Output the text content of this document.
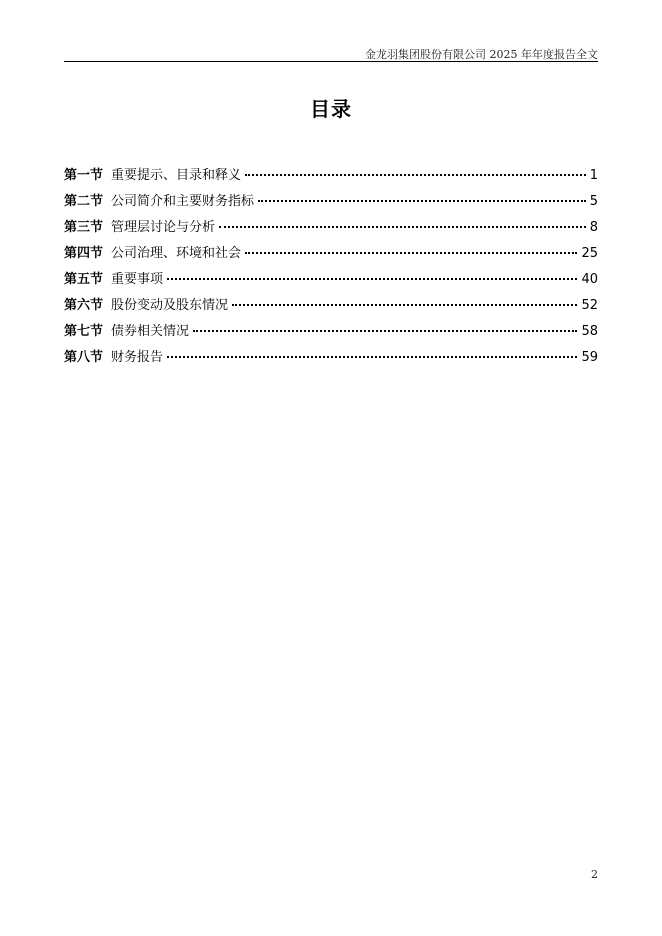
金龙羽集团股份有限公司 2025 年年度报告全文
目录
第一节 重要提示、目录和释义	1
第二节 公司简介和主要财务指标	5
第三节 管理层讨论与分析	8
第四节 公司治理、环境和社会	25
第五节 重要事项	40
第六节 股份变动及股东情况	52
第七节 债券相关情况	58
第八节 财务报告	59
2
